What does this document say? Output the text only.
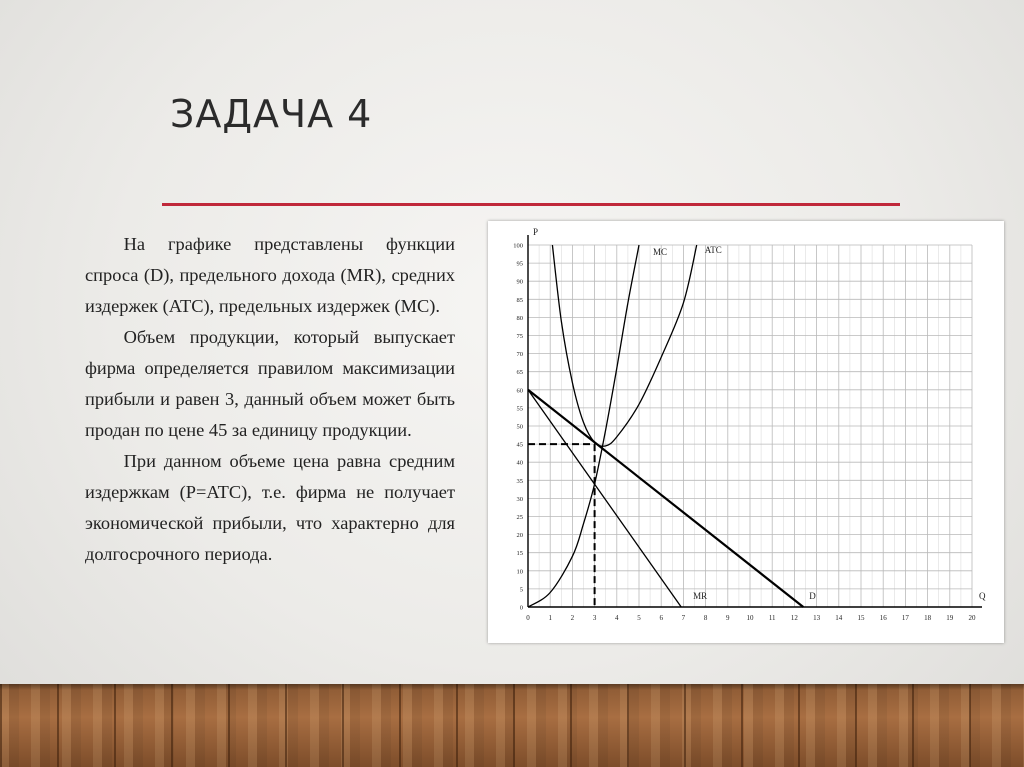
ЗАДАЧА 4

На графике представлены функции спроса (D), предельного дохода (MR), средних издержек (ATC), предельных издержек (MC).

Объем продукции, который выпускает фирма определяется правилом максимизации прибыли и равен 3, данный объем может быть продан по цене 45 за единицу продукции.

При данном объеме цена равна средним издержкам (P=ATC), т.е. фирма не получает экономической прибыли, что характерно для долгосрочного периода.

0	1	2	3	4	5	6	7	8	9 10 11 12 13 14 15 16 17 18 19 20
0
5
10
15
20
25
30
35
40
45
50
55
60
65
70
75
80
85
90
95
100
P
Q
D
MR
MC	ATC
